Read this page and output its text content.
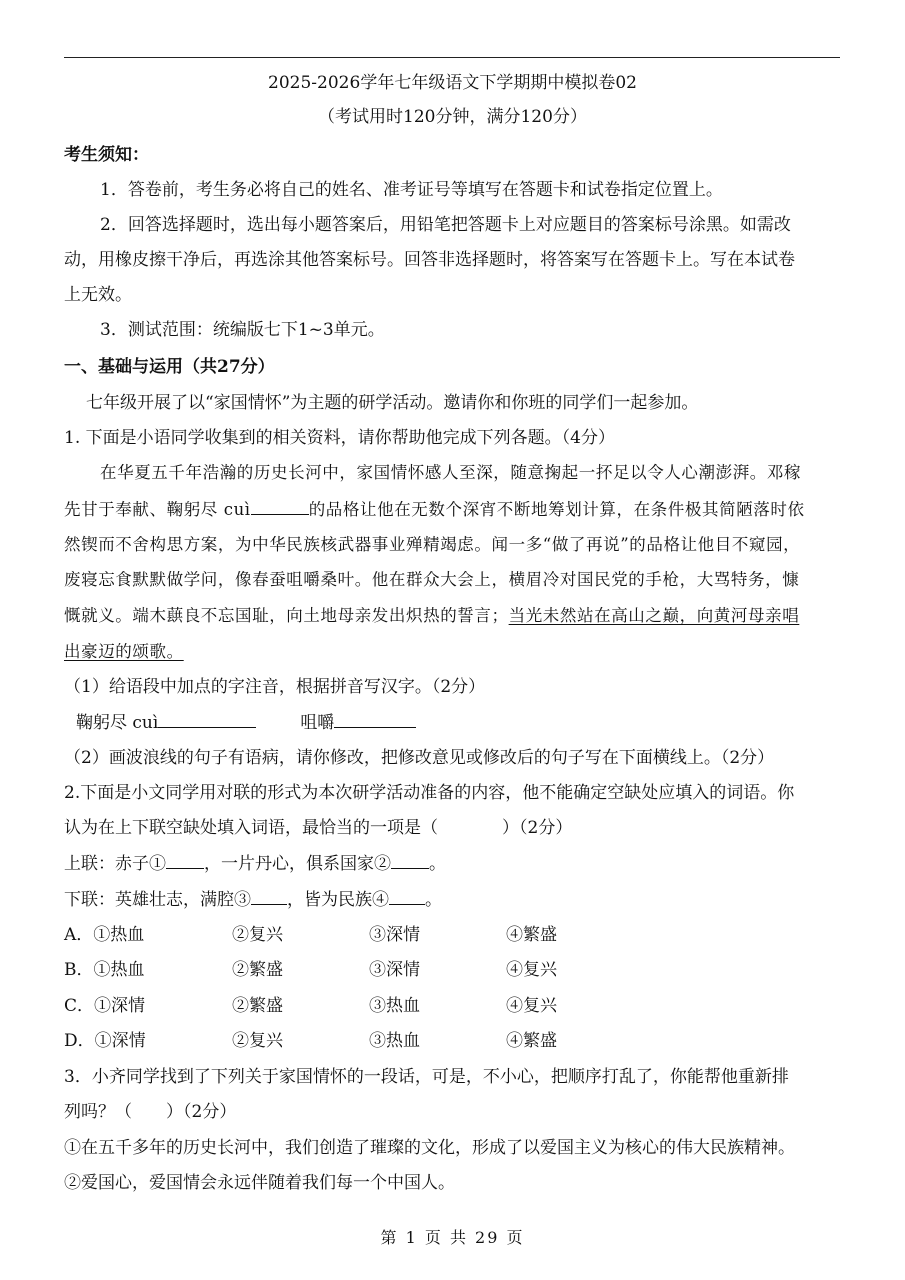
2025-2026学年七年级语文下学期期中模拟卷02
（考试用时120分钟，满分120分）
考生须知：
1．答卷前，考生务必将自己的姓名、准考证号等填写在答题卡和试卷指定位置上。
2．回答选择题时，选出每小题答案后，用铅笔把答题卡上对应题目的答案标号涂黑。如需改
动，用橡皮擦干净后，再选涂其他答案标号。回答非选择题时，将答案写在答题卡上。写在本试卷
上无效。
3．测试范围：统编版七下1~3单元。
一、基础与运用（共27分）
七年级开展了以“家国情怀”为主题的研学活动。邀请你和你班的同学们一起参加。
1. 下面是小语同学收集到的相关资料，请你帮助他完成下列各题。（4分）
在华夏五千年浩瀚的历史长河中，家国情怀感人至深，随意掬起一抔足以令人心潮澎湃。邓稼
先甘于奉献、鞠躬尽 cuì	的品格让他在无数个深宵不断地筹划计算，在条件极其简陋落时依
然锲而不舍构思方案，为中华民族核武器事业殚精竭虑。闻一多“做了再说”的品格让他目不窥园，
废寝忘食默默做学问，像春蚕咀嚼桑叶。他在群众大会上，横眉冷对国民党的手枪，大骂特务，慷
慨就义。端木蕻良不忘国耻，向土地母亲发出炽热的誓言；当光未然站在高山之巅，向黄河母亲唱
出豪迈的颂歌。
（1）给语段中加点的字注音，根据拼音写汉字。（2分）
鞠躬尽 cuì	咀嚼
（2）画波浪线的句子有语病，请你修改，把修改意见或修改后的句子写在下面横线上。（2分）
2.下面是小文同学用对联的形式为本次研学活动准备的内容，他不能确定空缺处应填入的词语。你
认为在上下联空缺处填入词语，最恰当的一项是（	）（2分）
上联：赤子① ，一片丹心，俱系国家② 。
下联：英雄壮志，满腔③ ，皆为民族④ 。
A．①热血	②复兴	③深情	④繁盛
B．①热血	②繁盛	③深情	④复兴
C．①深情	②繁盛	③热血	④复兴
D．①深情	②复兴	③热血	④繁盛
3．小齐同学找到了下列关于家国情怀的一段话，可是，不小心，把顺序打乱了，你能帮他重新排
列吗？（　　）（2分）
①在五千多年的历史长河中，我们创造了璀璨的文化，形成了以爱国主义为核心的伟大民族精神。
②爱国心，爱国情会永远伴随着我们每一个中国人。
第 1 页 共 29 页
